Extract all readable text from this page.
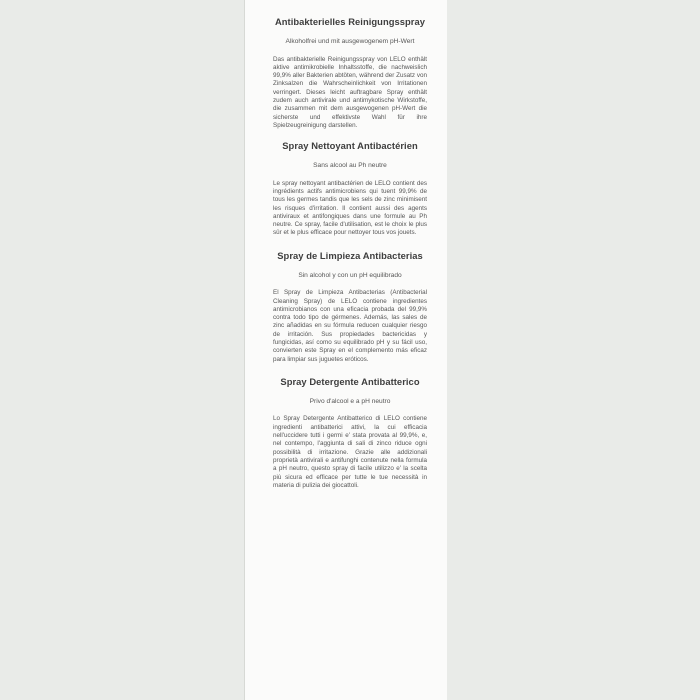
Antibakterielles Reinigungsspray
Alkoholfrei und mit ausgewogenem pH-Wert
Das antibakterielle Reinigungsspray von LELO enthält aktive antimikrobielle Inhaltsstoffe, die nachweislich 99,9% aller Bakterien abtöten, während der Zusatz von Zinksalzen die Wahrscheinlichkeit von Irritationen verringert. Dieses leicht auftragbare Spray enthält zudem auch antivirale und antimykotische Wirkstoffe, die zusammen mit dem ausgewogenen pH-Wert die sicherste und effektivste Wahl für ihre Spielzeugreinigung darstellen.
Spray Nettoyant Antibactérien
Sans alcool au Ph neutre
Le spray nettoyant antibactérien de LELO contient des ingrédients actifs antimicrobiens qui tuent 99,9% de tous les germes tandis que les sels de zinc minimisent les risques d'irritation. Il contient aussi des agents antiviraux et antifongiques dans une formule au Ph neutre. Ce spray, facile d'utilisation, est le choix le plus sûr et le plus efficace pour nettoyer tous vos jouets.
Spray de Limpieza Antibacterias
Sin alcohol y con un pH equilibrado
El Spray de Limpieza Antibacterias (Antibacterial Cleaning Spray) de LELO contiene ingredientes antimicrobianos con una eficacia probada del 99,9% contra todo tipo de gérmenes. Además, las sales de zinc añadidas en su fórmula reducen cualquier riesgo de irritación. Sus propiedades bactericidas y fungicidas, así como su equilibrado pH y su fácil uso, convierten este Spray en el complemento más eficaz para limpiar sus juguetes eróticos.
Spray Detergente Antibatterico
Privo d'alcool e a pH neutro
Lo Spray Detergente Antibatterico di LELO contiene ingredienti antibatterici attivi, la cui efficacia nell'uccidere tutti i germi e' stata provata al 99,9%, e, nel contempo, l'aggiunta di sali di zinco riduce ogni possibilità di irritazione. Grazie alle addizionali proprietà antivirali e antifunghi contenute nella formula a pH neutro, questo spray di facile utilizzo e' la scelta più sicura ed efficace per tutte le tue necessità in materia di pulizia dei giocattoli.
